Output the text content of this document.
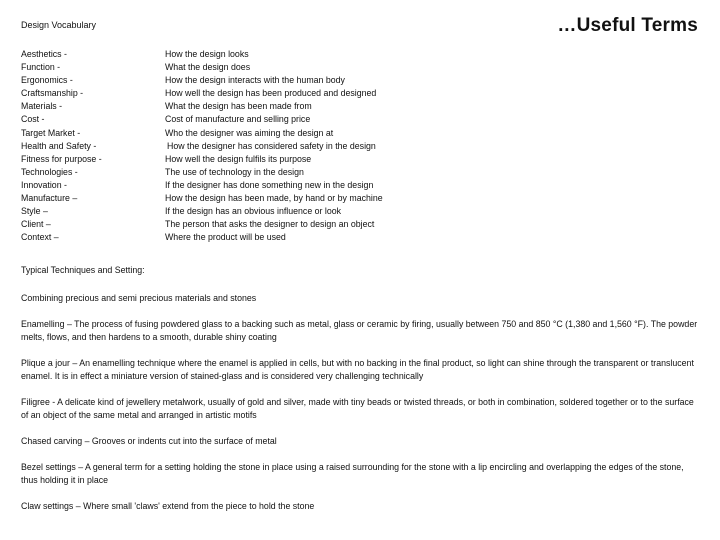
Design Vocabulary	…Useful Terms
Aesthetics -	How the design looks
Function -	What the design does
Ergonomics -	How the design interacts with the human body
Craftsmanship -	How well the design has been produced and designed
Materials -	What the design has been made from
Cost -	Cost of manufacture and selling price
Target Market -	Who the designer was aiming the design at
Health and Safety -	How the designer has considered safety in the design
Fitness for purpose -	How well the design fulfils its purpose
Technologies -	The use of technology in the design
Innovation -	If the designer has done something new in the design
Manufacture –	How the design has been made, by hand or by machine
Style –	If the design has an obvious influence or look
Client –	The person that asks the designer to design an object
Context –	Where the product will be used

Typical Techniques and Setting:

Combining precious and semi precious materials and stones

Enamelling – The process of fusing powdered glass to a backing such as metal, glass or ceramic by firing, usually between 750 and 850 °C (1,380 and 1,560 °F). The powder melts, flows, and then hardens to a smooth, durable shiny coating

Plique a jour – An enamelling technique where the enamel is applied in cells, but with no backing in the final product, so light can shine through the transparent or translucent enamel. It is in effect a miniature version of stained-glass and is considered very challenging technically

Filigree - A delicate kind of jewellery metalwork, usually of gold and silver, made with tiny beads or twisted threads, or both in combination, soldered together or to the surface of an object of the same metal and arranged in artistic motifs

Chased carving – Grooves or indents cut into the surface of metal

Bezel settings – A general term for a setting holding the stone in place using a raised surrounding for the stone with a lip encircling and overlapping the edges of the stone, thus holding it in place

Claw settings – Where small 'claws' extend from the piece to hold the stone
